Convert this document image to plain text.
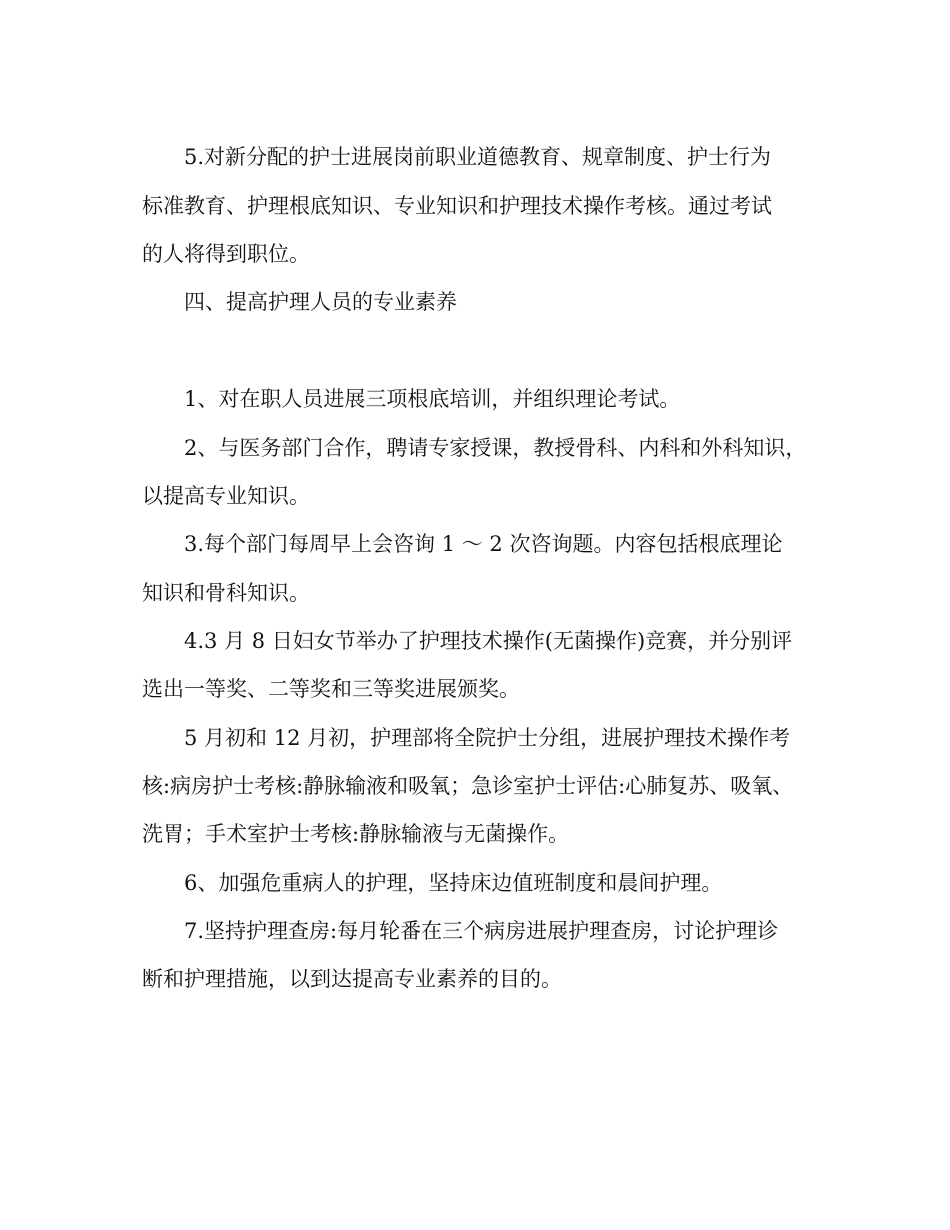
5.对新分配的护士进展岗前职业道德教育、规章制度、护士行为
标准教育、护理根底知识、专业知识和护理技术操作考核。通过考试
的人将得到职位。
四、提高护理人员的专业素养
1、对在职人员进展三项根底培训，并组织理论考试。
2、与医务部门合作，聘请专家授课，教授骨科、内科和外科知识，
以提高专业知识。
3.每个部门每周早上会咨询 1 ～ 2 次咨询题。内容包括根底理论
知识和骨科知识。
4.3 月 8 日妇女节举办了护理技术操作(无菌操作)竞赛，并分别评
选出一等奖、二等奖和三等奖进展颁奖。
5 月初和 12 月初，护理部将全院护士分组，进展护理技术操作考
核:病房护士考核:静脉输液和吸氧；急诊室护士评估:心肺复苏、吸氧、
洗胃；手术室护士考核:静脉输液与无菌操作。
6、加强危重病人的护理，坚持床边值班制度和晨间护理。
7.坚持护理查房:每月轮番在三个病房进展护理查房，讨论护理诊
断和护理措施，以到达提高专业素养的目的。
